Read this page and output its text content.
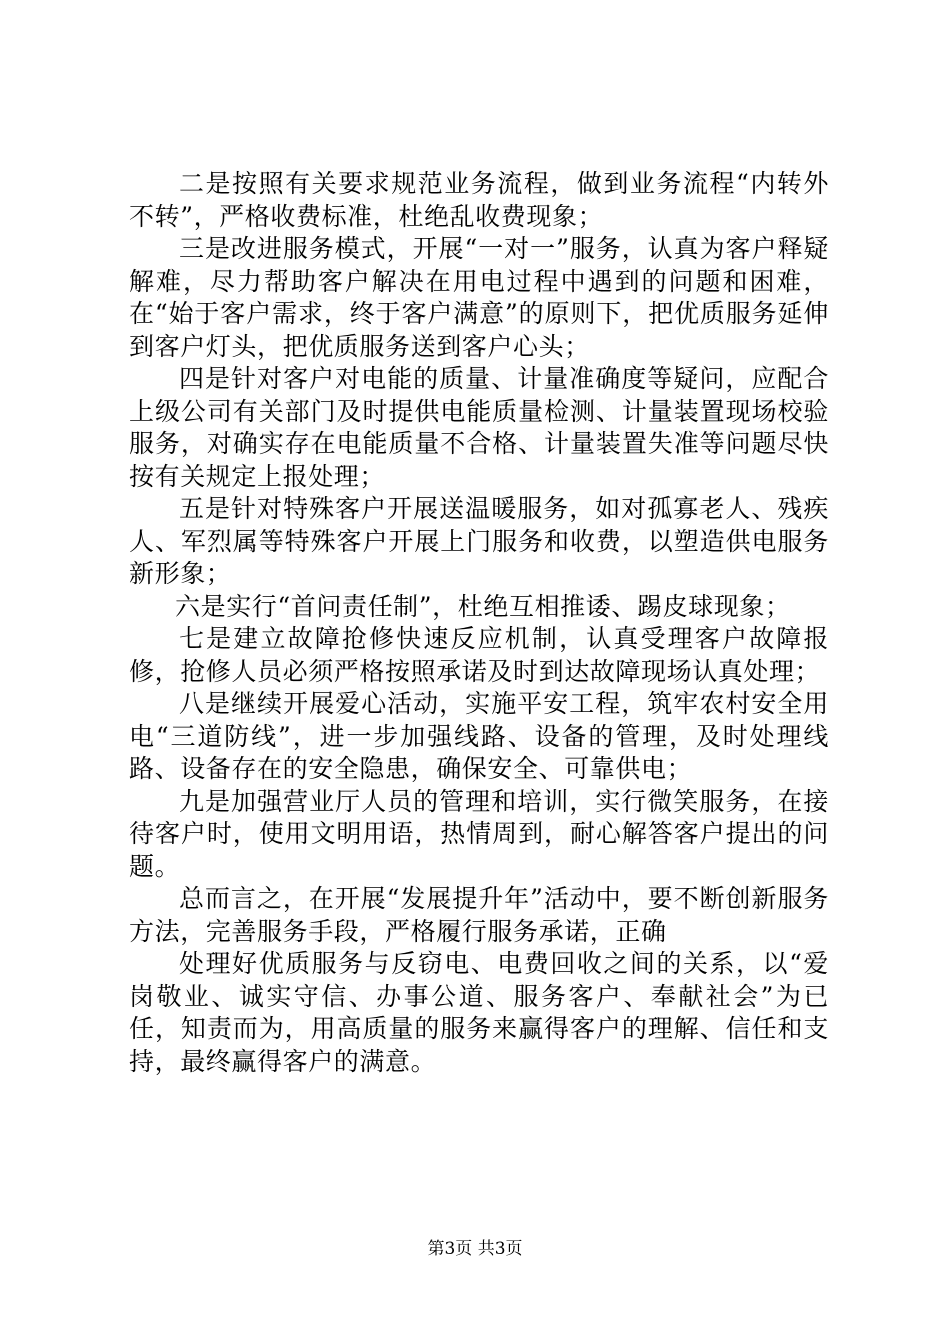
二是按照有关要求规范业务流程，做到业务流程“内转外不转”，严格收费标准，杜绝乱收费现象；

三是改进服务模式，开展“一对一”服务，认真为客户释疑解难，尽力帮助客户解决在用电过程中遇到的问题和困难，在“始于客户需求，终于客户满意”的原则下，把优质服务延伸到客户灯头，把优质服务送到客户心头；

四是针对客户对电能的质量、计量准确度等疑问，应配合上级公司有关部门及时提供电能质量检测、计量装置现场校验服务，对确实存在电能质量不合格、计量装置失准等问题尽快按有关规定上报处理；

五是针对特殊客户开展送温暖服务，如对孤寡老人、残疾人、军烈属等特殊客户开展上门服务和收费，以塑造供电服务新形象；

六是实行“首问责任制”，杜绝互相推诿、踢皮球现象；

七是建立故障抢修快速反应机制，认真受理客户故障报修，抢修人员必须严格按照承诺及时到达故障现场认真处理；

八是继续开展爱心活动，实施平安工程，筑牢农村安全用电“三道防线”，进一步加强线路、设备的管理，及时处理线路、设备存在的安全隐患，确保安全、可靠供电；

九是加强营业厅人员的管理和培训，实行微笑服务，在接待客户时，使用文明用语，热情周到，耐心解答客户提出的问题。

总而言之，在开展“发展提升年”活动中，要不断创新服务方法，完善服务手段，严格履行服务承诺，正确

处理好优质服务与反窃电、电费回收之间的关系，以“爱岗敬业、诚实守信、办事公道、服务客户、奉献社会”为已任，知责而为，用高质量的服务来赢得客户的理解、信任和支持，最终赢得客户的满意。

第3页 共3页
